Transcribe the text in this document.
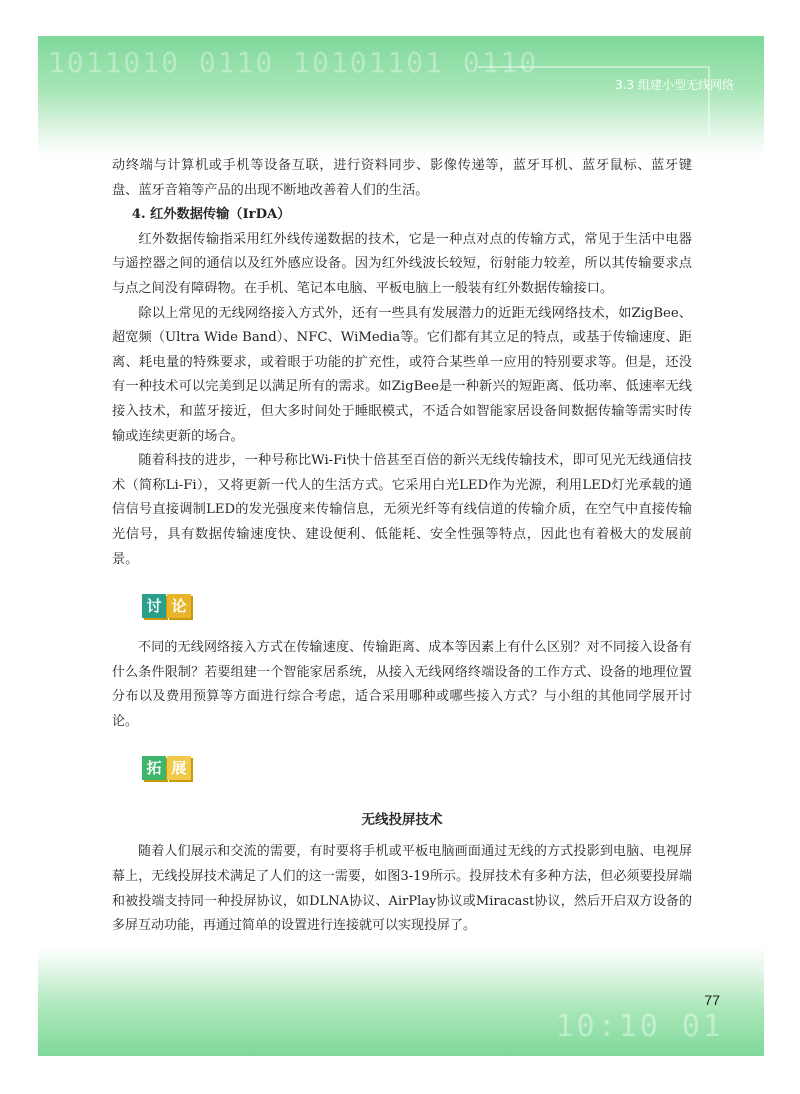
1011010 0110 10101101 0110
3.3 组建小型无线网络

动终端与计算机或手机等设备互联，进行资料同步、影像传递等，蓝牙耳机、蓝牙鼠标、蓝牙键盘、蓝牙音箱等产品的出现不断地改善着人们的生活。

4. 红外数据传输（IrDA）

红外数据传输指采用红外线传递数据的技术，它是一种点对点的传输方式，常见于生活中电器与遥控器之间的通信以及红外感应设备。因为红外线波长较短，衍射能力较差，所以其传输要求点与点之间没有障碍物。在手机、笔记本电脑、平板电脑上一般装有红外数据传输接口。

除以上常见的无线网络接入方式外，还有一些具有发展潜力的近距无线网络技术，如ZigBee、超宽频（Ultra Wide Band）、NFC、WiMedia等。它们都有其立足的特点，或基于传输速度、距离、耗电量的特殊要求，或着眼于功能的扩充性，或符合某些单一应用的特别要求等。但是，还没有一种技术可以完美到足以满足所有的需求。如ZigBee是一种新兴的短距离、低功率、低速率无线接入技术，和蓝牙接近，但大多时间处于睡眠模式，不适合如智能家居设备间数据传输等需实时传输或连续更新的场合。

随着科技的进步，一种号称比Wi-Fi快十倍甚至百倍的新兴无线传输技术，即可见光无线通信技术（简称Li-Fi），又将更新一代人的生活方式。它采用白光LED作为光源，利用LED灯光承载的通信信号直接调制LED的发光强度来传输信息，无须光纤等有线信道的传输介质，在空气中直接传输光信号，具有数据传输速度快、建设便利、低能耗、安全性强等特点，因此也有着极大的发展前景。

讨 论

不同的无线网络接入方式在传输速度、传输距离、成本等因素上有什么区别？对不同接入设备有什么条件限制？若要组建一个智能家居系统，从接入无线网络终端设备的工作方式、设备的地理位置分布以及费用预算等方面进行综合考虑，适合采用哪种或哪些接入方式？与小组的其他同学展开讨论。

拓 展
无线投屏技术

随着人们展示和交流的需要，有时要将手机或平板电脑画面通过无线的方式投影到电脑、电视屏幕上，无线投屏技术满足了人们的这一需要，如图3-19所示。投屏技术有多种方法，但必须要投屏端和被投端支持同一种投屏协议，如DLNA协议、AirPlay协议或Miracast协议，然后开启双方设备的多屏互动功能，再通过简单的设置进行连接就可以实现投屏了。

10:10 01
77
